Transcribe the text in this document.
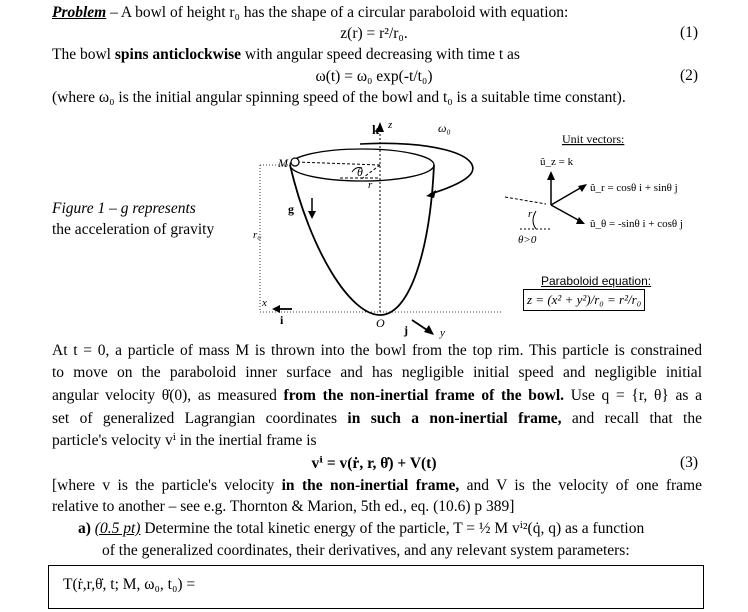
Problem – A bowl of height r₀ has the shape of a circular paraboloid with equation:
z(r) = r²/r₀.	(1)
The bowl spins anticlockwise with angular speed decreasing with time t as
ω(t) = ω₀ exp(-t/t₀)	(2)
(where ω₀ is the initial angular spinning speed of the bowl and t₀ is a suitable time constant).
Figure 1 – g represents
the acceleration of gravity
k z	ω₀
θ
r
M
r₀
g
x
i	O j	y
Unit vectors:
û_z = k
û_r = cosθ i + sinθ j
û_θ = -sinθ i + cosθ j
r
θ>0
Paraboloid equation:
z = (x² + y²)/r₀ = r²/r₀
At t = 0, a particle of mass M is thrown into the bowl from the top rim. This particle is constrained
to move on the paraboloid inner surface and has negligible initial speed and negligible initial
angular velocity θ̇(0), as measured from the non-inertial frame of the bowl. Use q = {r, θ} as a
set of generalized Lagrangian coordinates in such a non-inertial frame, and recall that the
particle's velocity vⁱ in the inertial frame is
vⁱ = v(ṙ, r, θ̇) + V(t)	(3)
[where v is the particle's velocity in the non-inertial frame, and V is the velocity of one frame
relative to another – see e.g. Thornton & Marion, 5th ed., eq. (10.6) p 389]
a) (0.5 pt) Determine the total kinetic energy of the particle, T = ½ M vⁱ²(q̇, q) as a function
of the generalized coordinates, their derivatives, and any relevant system parameters:
T(ṙ,r,θ̇, t; M, ω₀, t₀) =
